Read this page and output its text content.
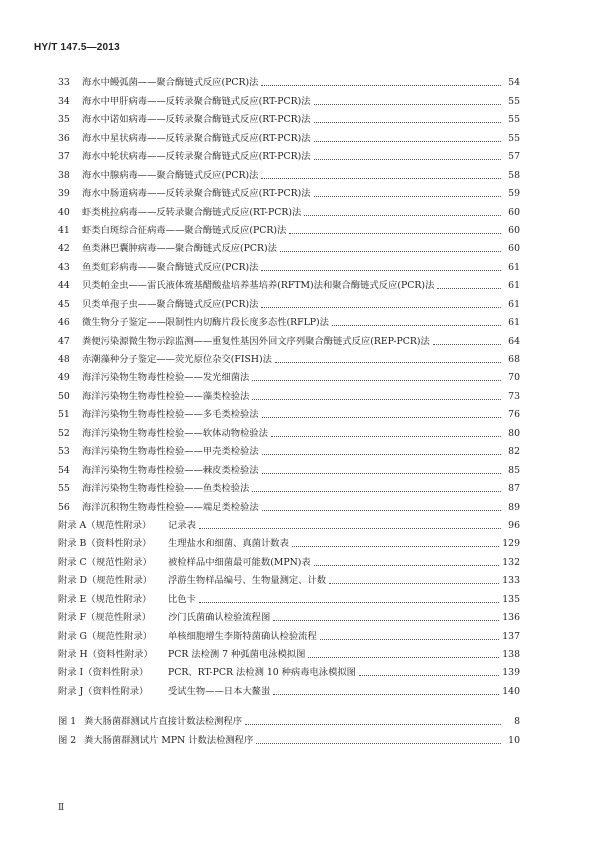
HY/T 147.5—2013
33	海水中鳗弧菌——聚合酶链式反应(PCR)法	54
34	海水中甲肝病毒——反转录聚合酶链式反应(RT-PCR)法	55
35	海水中诺如病毒——反转录聚合酶链式反应(RT-PCR)法	55
36	海水中星状病毒——反转录聚合酶链式反应(RT-PCR)法	55
37	海水中轮状病毒——反转录聚合酶链式反应(RT-PCR)法	57
38	海水中腺病毒——聚合酶链式反应(PCR)法	58
39	海水中肠道病毒——反转录聚合酶链式反应(RT-PCR)法	59
40	虾类桃拉病毒——反转录聚合酶链式反应(RT-PCR)法	60
41	虾类白斑综合征病毒——聚合酶链式反应(PCR)法	60
42	鱼类淋巴囊肿病毒——聚合酶链式反应(PCR)法	60
43	鱼类虹彩病毒——聚合酶链式反应(PCR)法	61
44	贝类帕金虫——雷氏液体巯基醋酸盐培养基培养(RFTM)法和聚合酶链式反应(PCR)法	61
45	贝类单孢子虫——聚合酶链式反应(PCR)法	61
46	微生物分子鉴定——限制性内切酶片段长度多态性(RFLP)法	61
47	粪便污染源微生物示踪监测——重复性基因外回文序列聚合酶链式反应(REP-PCR)法	64
48	赤潮藻种分子鉴定——荧光原位杂交(FISH)法	68
49	海洋污染物生物毒性检验——发光细菌法	70
50	海洋污染物生物毒性检验——藻类检验法	73
51	海洋污染物生物毒性检验——多毛类检验法	76
52	海洋污染物生物毒性检验——软体动物检验法	80
53	海洋污染物生物毒性检验——甲壳类检验法	82
54	海洋污染物生物毒性检验——棘皮类检验法	85
55	海洋污染物生物毒性检验——鱼类检验法	87
56	海洋沉积物生物毒性检验——端足类检验法	89
附录 A（规范性附录）	记录表	96
附录 B（资料性附录）	生理盐水和细菌、真菌计数表	129
附录 C（规范性附录）	被检样品中细菌最可能数(MPN)表	132
附录 D（规范性附录）	浮游生物样品编号、生物量测定、计数	133
附录 E（规范性附录）	比色卡	135
附录 F（规范性附录）	沙门氏菌确认检验流程图	136
附录 G（规范性附录）	单核细胞增生李斯特菌确认检验流程	137
附录 H（资料性附录）	PCR 法检测 7 种弧菌电泳模拟图	138
附录 I（资料性附录）	PCR、RT-PCR 法检测 10 种病毒电泳模拟图	139
附录 J（资料性附录）	受试生物——日本大鳌蚩	140
图 1 粪大肠菌群测试片直接计数法检测程序	8
图 2 粪大肠菌群测试片 MPN 计数法检测程序	10
Ⅱ
